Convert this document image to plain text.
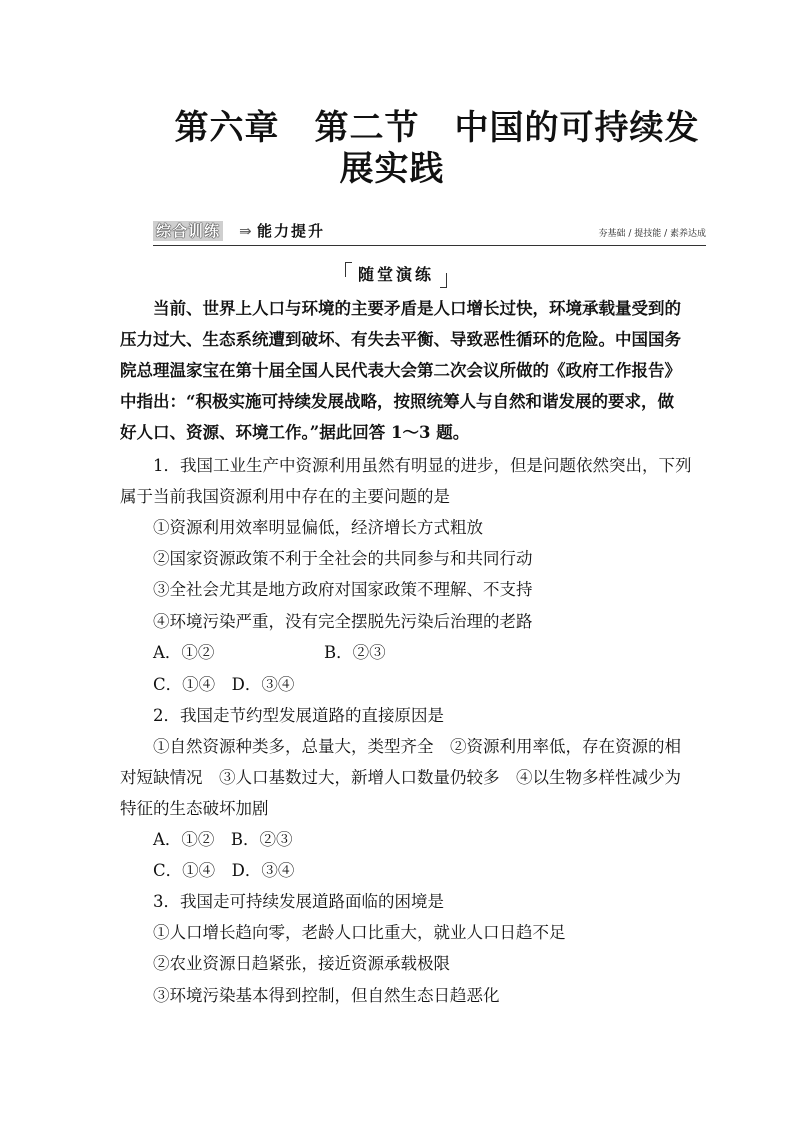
第六章　第二节　中国的可持续发
展实践
综合训练 ⇛ 能力提升	夯基础 / 提技能 / 素养达成
随堂演练
当前、世界上人口与环境的主要矛盾是人口增长过快，环境承载量受到的
压力过大、生态系统遭到破坏、有失去平衡、导致恶性循环的危险。中国国务
院总理温家宝在第十届全国人民代表大会第二次会议所做的《政府工作报告》
中指出：“积极实施可持续发展战略，按照统筹人与自然和谐发展的要求，做
好人口、资源、环境工作。”据此回答 1～3 题。
1．我国工业生产中资源利用虽然有明显的进步，但是问题依然突出，下列
属于当前我国资源利用中存在的主要问题的是
①资源利用效率明显偏低，经济增长方式粗放
②国家资源政策不利于全社会的共同参与和共同行动
③全社会尤其是地方政府对国家政策不理解、不支持
④环境污染严重，没有完全摆脱先污染后治理的老路
A．①②	B．②③
C．①④　D．③④
2．我国走节约型发展道路的直接原因是
①自然资源种类多，总量大，类型齐全　②资源利用率低，存在资源的相
对短缺情况　③人口基数过大，新增人口数量仍较多　④以生物多样性减少为
特征的生态破坏加剧
A．①②　B．②③
C．①④　D．③④
3．我国走可持续发展道路面临的困境是
①人口增长趋向零，老龄人口比重大，就业人口日趋不足
②农业资源日趋紧张，接近资源承载极限
③环境污染基本得到控制，但自然生态日趋恶化
